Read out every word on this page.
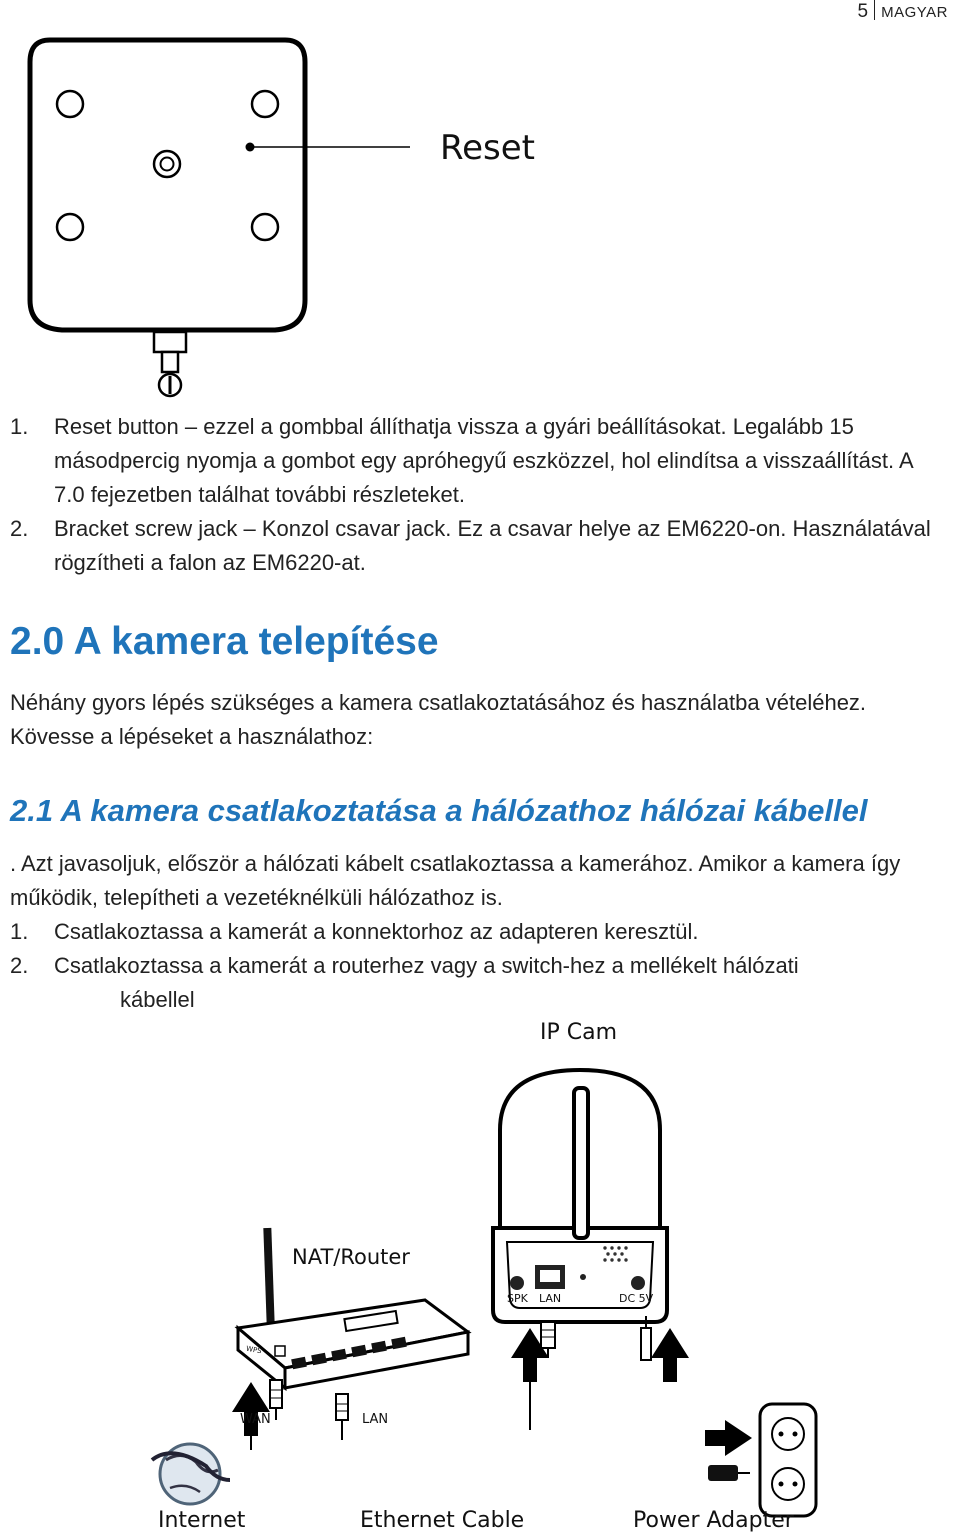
5 MAGYAR
Reset
1. Reset button – ezzel a gombbal állíthatja vissza a gyári beállításokat. Legalább 15 másodpercig nyomja a gombot egy apróhegyű eszközzel, hol elindítsa a visszaállítást. A 7.0 fejezetben találhat további részleteket.
2. Bracket screw jack – Konzol csavar jack. Ez a csavar helye az EM6220-on. Használatával rögzítheti a falon az EM6220-at.
2.0 A kamera telepítése
Néhány gyors lépés szükséges a kamera csatlakoztatásához és használatba vételéhez. Kövesse a lépéseket a használathoz:
2.1 A kamera csatlakoztatása a hálózathoz hálózai kábellel
. Azt javasoljuk, először a hálózati kábelt csatlakoztassa a kamerához. Amikor a kamera így működik, telepítheti a vezetéknélküli hálózathoz is.
1. Csatlakoztassa a kamerát a konnektorhoz az adapteren keresztül.
2. Csatlakoztassa a kamerát a routerhez vagy a switch-hez a mellékelt hálózati
kábellel
IP Cam
NAT/Router
SPK LAN	DC 5V
WPS
WAN	LAN
Internet	Ethernet Cable	Power Adapter
